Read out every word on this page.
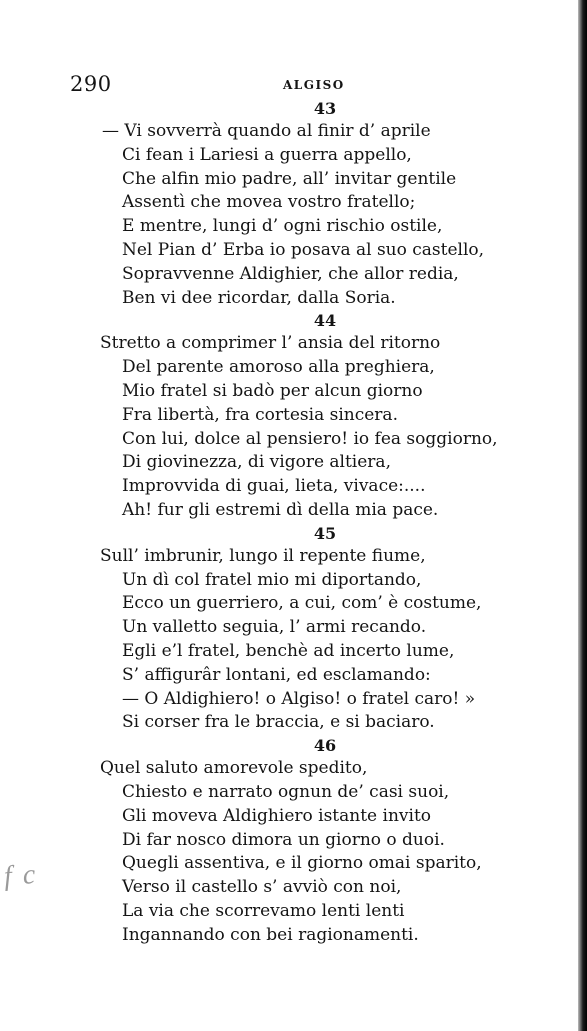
290	ALGISO
43
— Vi sovverrà quando al finir d’ aprile
Ci fean i Lariesi a guerra appello,
Che alfin mio padre, all’ invitar gentile
Assentì che movea vostro fratello;
E mentre, lungi d’ ogni rischio ostile,
Nel Pian d’ Erba io posava al suo castello,
Sopravvenne Aldighier, che allor redia,
Ben vi dee ricordar, dalla Soria.
44
Stretto a comprimer l’ ansia del ritorno
Del parente amoroso alla preghiera,
Mio fratel si badò per alcun giorno
Fra libertà, fra cortesia sincera.
Con lui, dolce al pensiero! io fea soggiorno,
Di giovinezza, di vigore altiera,
Improvvida di guai, lieta, vivace:....
Ah! fur gli estremi dì della mia pace.
45
Sull’ imbrunir, lungo il repente fiume,
Un dì col fratel mio mi diportando,
Ecco un guerriero, a cui, com’ è costume,
Un valletto seguia, l’ armi recando.
Egli e’l fratel, benchè ad incerto lume,
S’ affigurâr lontani, ed esclamando:
— O Aldighiero! o Algiso! o fratel caro! »
Si corser fra le braccia, e si baciaro.
46
Quel saluto amorevole spedito,
Chiesto e narrato ognun de’ casi suoi,
Gli moveva Aldighiero istante invito
Di far nosco dimora un giorno o duoi.
Quegli assentiva, e il giorno omai sparito,
Verso il castello s’ avviò con noi,
La via che scorrevamo lenti lenti
Ingannando con bei ragionamenti.
f c
